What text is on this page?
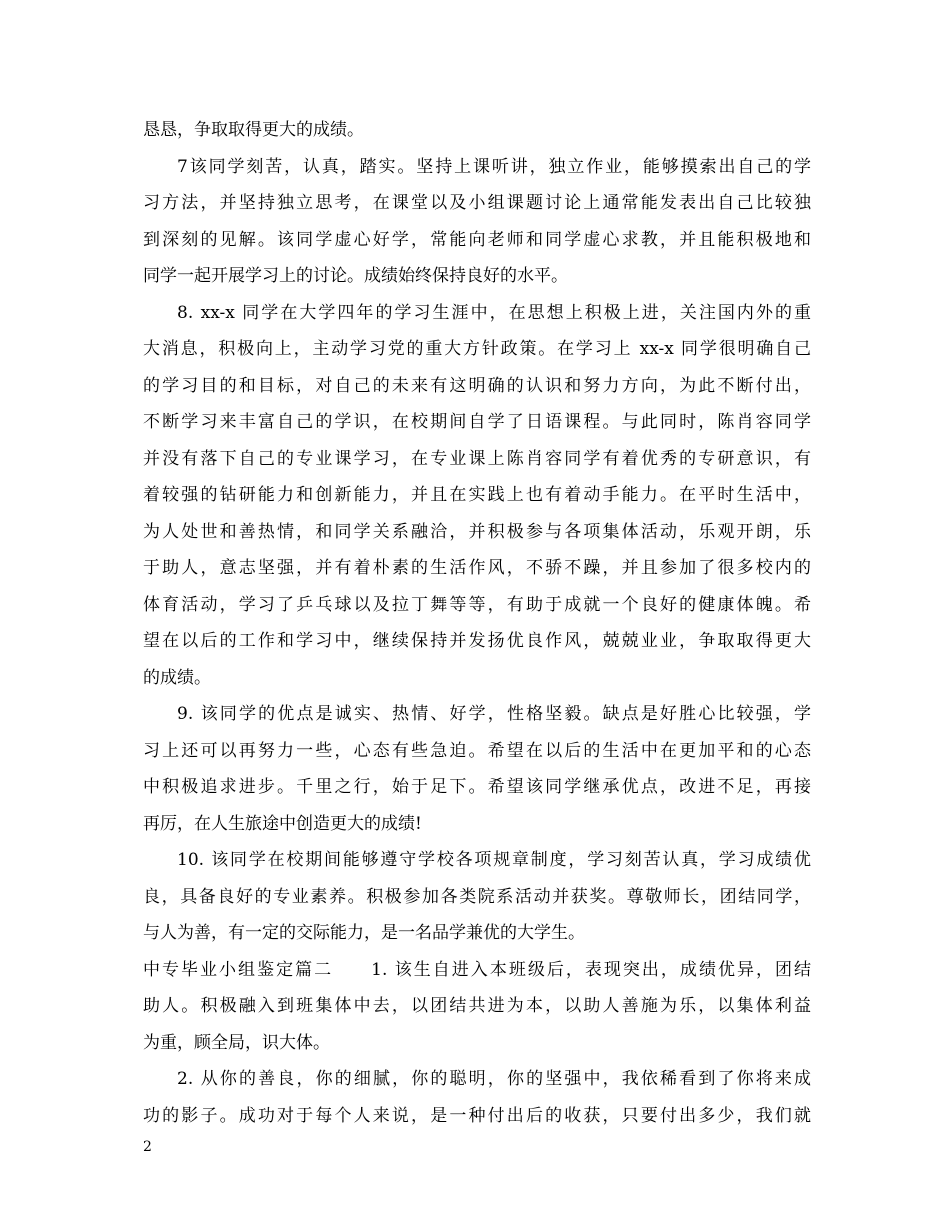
恳恳，争取取得更大的成绩。
7该同学刻苦，认真，踏实。坚持上课听讲，独立作业，能够摸索出自己的学
习方法，并坚持独立思考，在课堂以及小组课题讨论上通常能发表出自己比较独
到深刻的见解。该同学虚心好学，常能向老师和同学虚心求教，并且能积极地和
同学一起开展学习上的讨论。成绩始终保持良好的水平。
8. xx-x 同学在大学四年的学习生涯中，在思想上积极上进，关注国内外的重
大消息，积极向上，主动学习党的重大方针政策。在学习上 xx-x 同学很明确自己
的学习目的和目标，对自己的未来有这明确的认识和努力方向，为此不断付出，
不断学习来丰富自己的学识，在校期间自学了日语课程。与此同时，陈肖容同学
并没有落下自己的专业课学习，在专业课上陈肖容同学有着优秀的专研意识，有
着较强的钻研能力和创新能力，并且在实践上也有着动手能力。在平时生活中，
为人处世和善热情，和同学关系融洽，并积极参与各项集体活动，乐观开朗，乐
于助人，意志坚强，并有着朴素的生活作风，不骄不躁，并且参加了很多校内的
体育活动，学习了乒乓球以及拉丁舞等等，有助于成就一个良好的健康体魄。希
望在以后的工作和学习中，继续保持并发扬优良作风，兢兢业业，争取取得更大
的成绩。
9. 该同学的优点是诚实、热情、好学，性格坚毅。缺点是好胜心比较强，学
习上还可以再努力一些，心态有些急迫。希望在以后的生活中在更加平和的心态
中积极追求进步。千里之行，始于足下。希望该同学继承优点，改进不足，再接
再厉，在人生旅途中创造更大的成绩!
10. 该同学在校期间能够遵守学校各项规章制度，学习刻苦认真，学习成绩优
良，具备良好的专业素养。积极参加各类院系活动并获奖。尊敬师长，团结同学，
与人为善，有一定的交际能力，是一名品学兼优的大学生。
中专毕业小组鉴定篇二　　1. 该生自进入本班级后，表现突出，成绩优异，团结
助人。积极融入到班集体中去，以团结共进为本，以助人善施为乐，以集体利益
为重，顾全局，识大体。
2. 从你的善良，你的细腻，你的聪明，你的坚强中，我依稀看到了你将来成
功的影子。成功对于每个人来说，是一种付出后的收获，只要付出多少，我们就
2
